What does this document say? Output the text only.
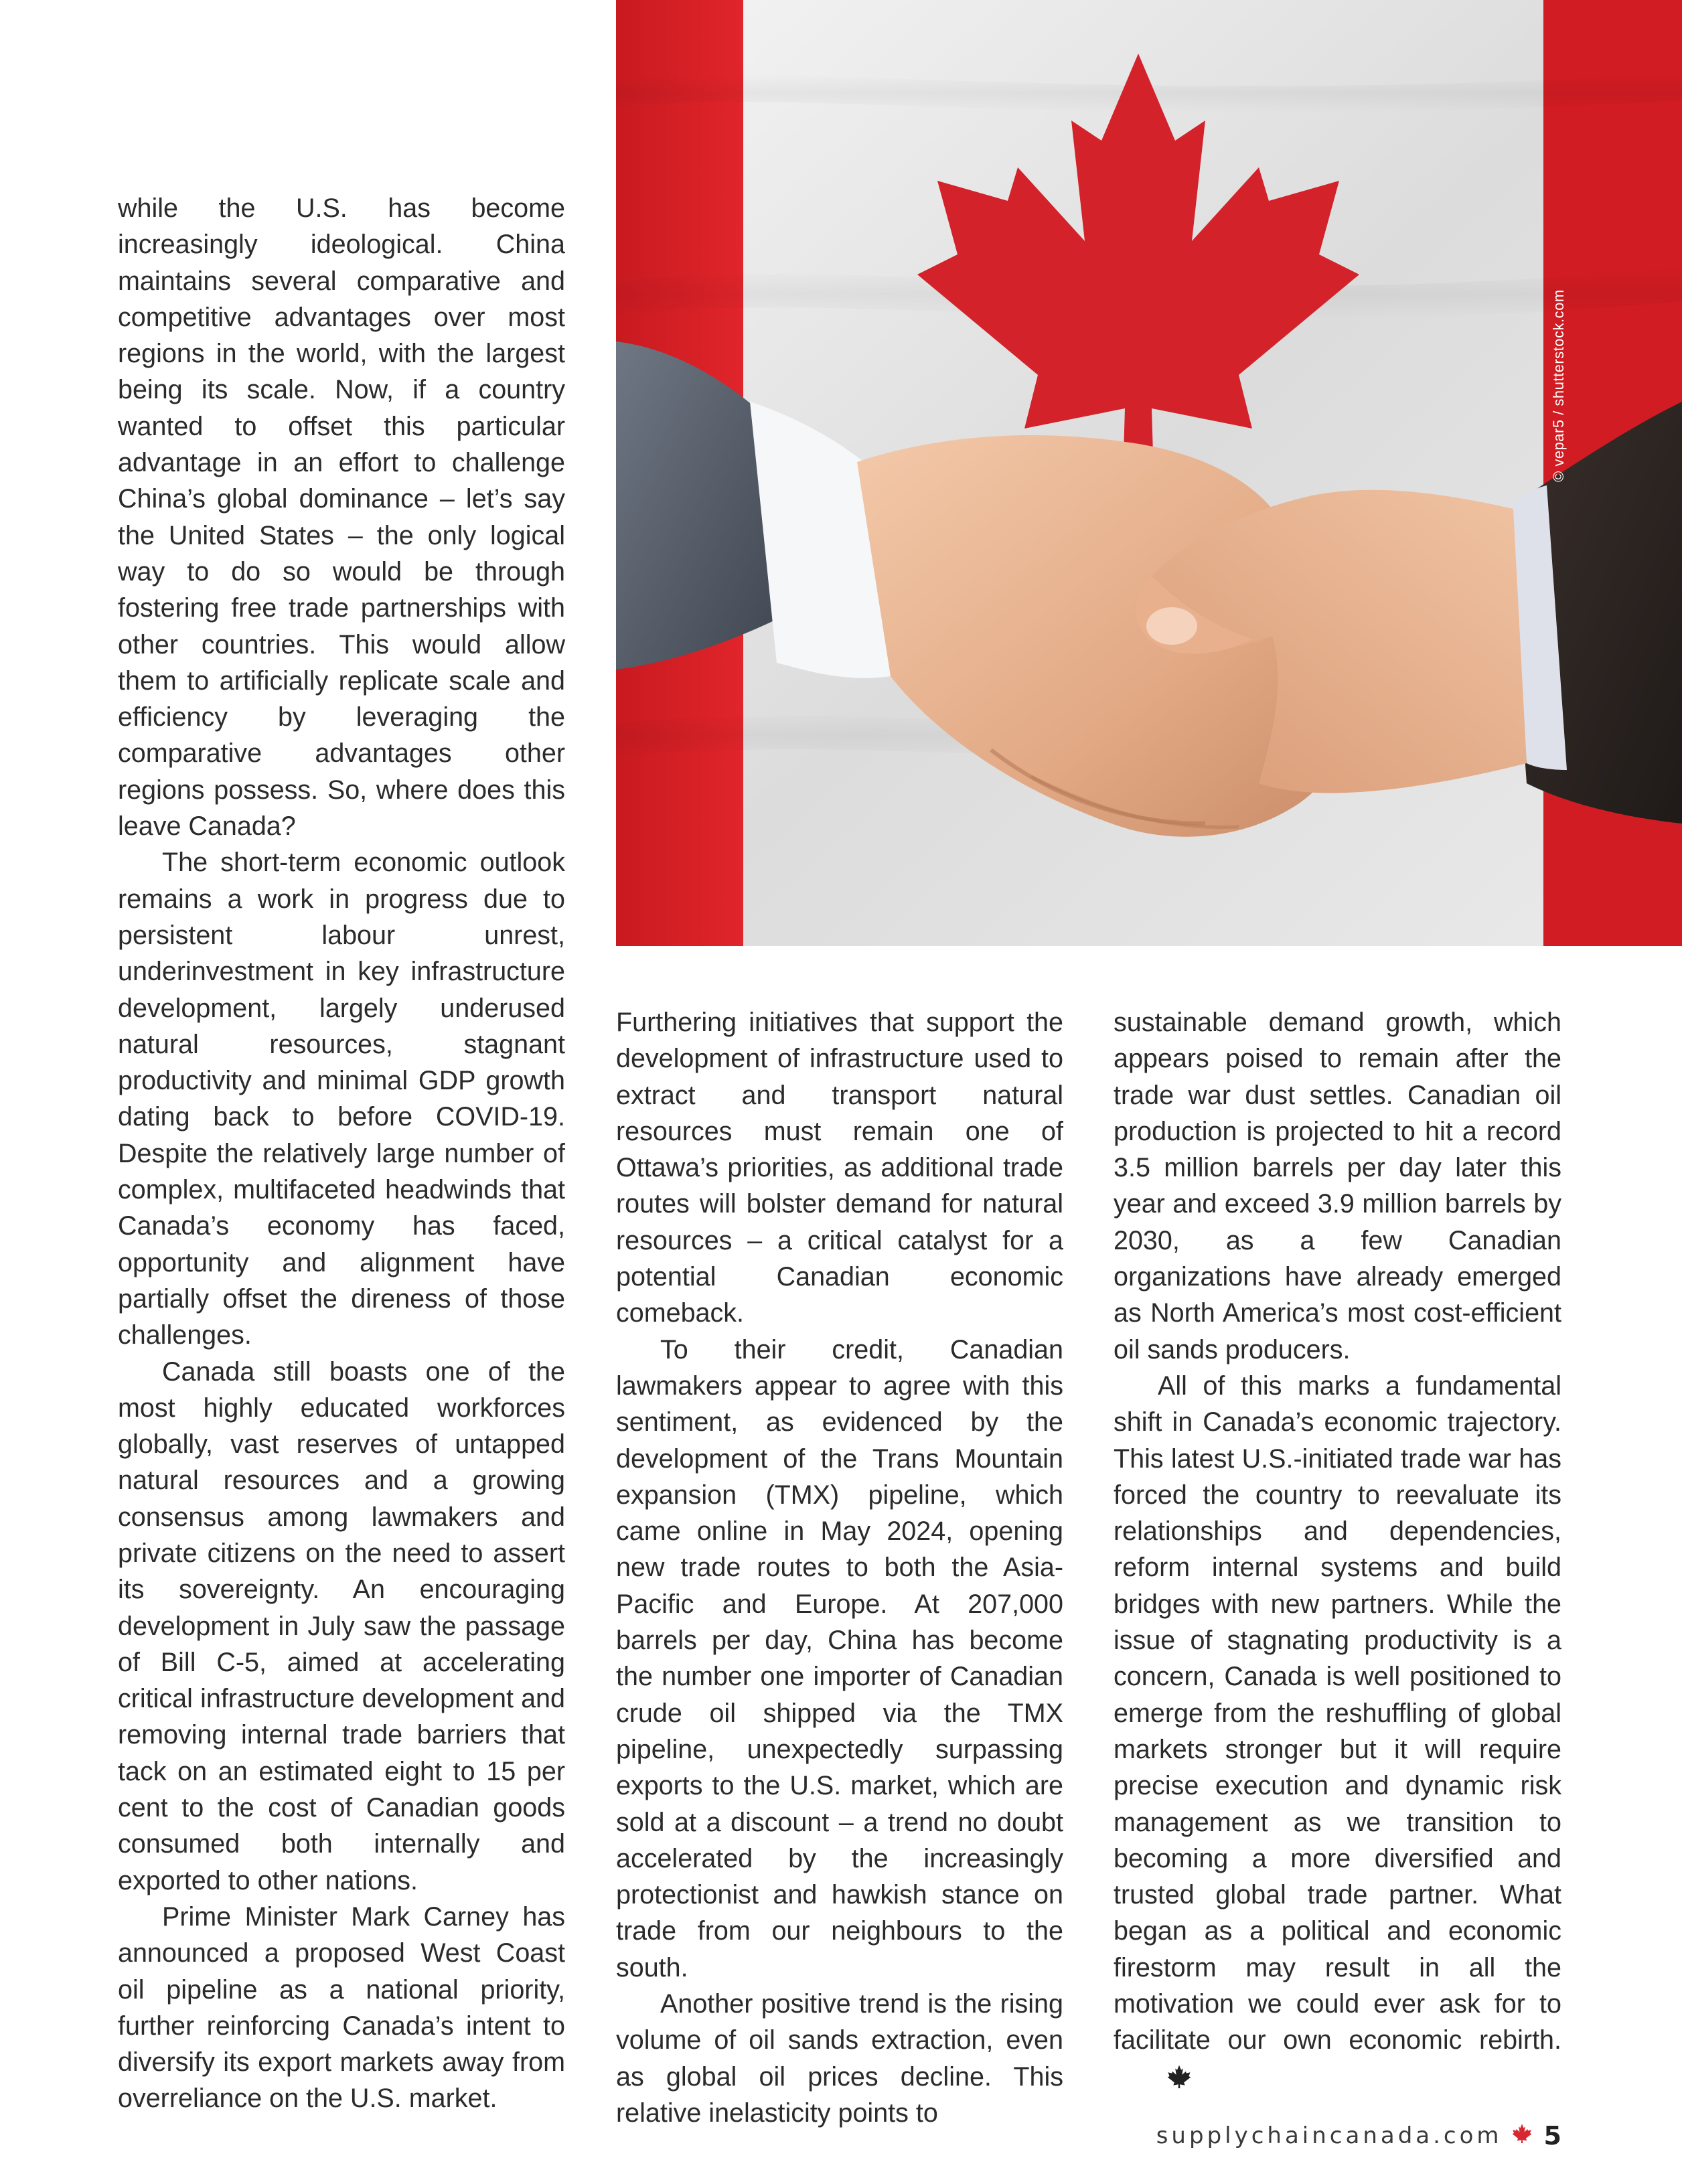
© vepar5 / shutterstock.com

while the U.S. has become increasingly ideological. China maintains several comparative and competitive advantages over most regions in the world, with the largest being its scale. Now, if a country wanted to offset this particular advantage in an effort to challenge China’s global dominance – let’s say the United States – the only logical way to do so would be through fostering free trade partnerships with other countries. This would allow them to artificially replicate scale and efficiency by leveraging the comparative advantages other regions possess. So, where does this leave Canada?

The short-term economic outlook remains a work in progress due to persistent labour unrest, underinvestment in key infrastructure development, largely underused natural resources, stagnant productivity and minimal GDP growth dating back to before COVID-19. Despite the relatively large number of complex, multifaceted headwinds that Canada’s economy has faced, opportunity and alignment have partially offset the direness of those challenges.

Canada still boasts one of the most highly educated workforces globally, vast reserves of untapped natural resources and a growing consensus among lawmakers and private citizens on the need to assert its sovereignty. An encouraging development in July saw the passage of Bill C-5, aimed at accelerating critical infrastructure development and removing internal trade barriers that tack on an estimated eight to 15 per cent to the cost of Canadian goods consumed both internally and exported to other nations.

Prime Minister Mark Carney has announced a proposed West Coast oil pipeline as a national priority, further reinforcing Canada’s intent to diversify its export markets away from overreliance on the U.S. market.

Furthering initiatives that support the development of infrastructure used to extract and transport natural resources must remain one of Ottawa’s priorities, as additional trade routes will bolster demand for natural resources – a critical catalyst for a potential Canadian economic comeback.

To their credit, Canadian lawmakers appear to agree with this sentiment, as evidenced by the development of the Trans Mountain expansion (TMX) pipeline, which came online in May 2024, opening new trade routes to both the Asia-Pacific and Europe. At 207,000 barrels per day, China has become the number one importer of Canadian crude oil shipped via the TMX pipeline, unexpectedly surpassing exports to the U.S. market, which are sold at a discount – a trend no doubt accelerated by the increasingly protectionist and hawkish stance on trade from our neighbours to the south.

Another positive trend is the rising volume of oil sands extraction, even as global oil prices decline. This relative inelasticity points to

sustainable demand growth, which appears poised to remain after the trade war dust settles. Canadian oil production is projected to hit a record 3.5 million barrels per day later this year and exceed 3.9 million barrels by 2030, as a few Canadian organizations have already emerged as North America’s most cost-efficient oil sands producers.

All of this marks a fundamental shift in Canada’s economic trajectory. This latest U.S.-initiated trade war has forced the country to reevaluate its relationships and dependencies, reform internal systems and build bridges with new partners. While the issue of stagnating productivity is a concern, Canada is well positioned to emerge from the reshuffling of global markets stronger but it will require precise execution and dynamic risk management as we transition to becoming a more diversified and trusted global trade partner. What began as a political and economic firestorm may result in all the motivation we could ever ask for to facilitate our own economic rebirth.

supplychaincanada.com 5
